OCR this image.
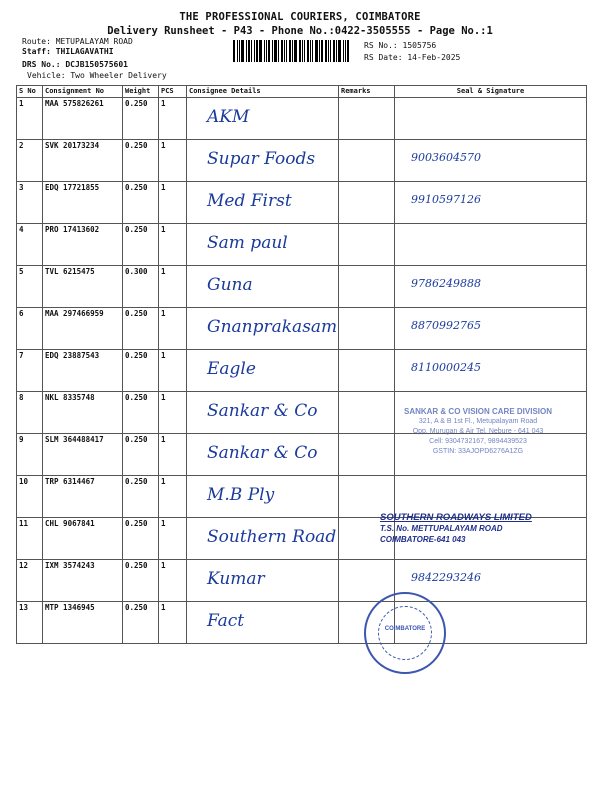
THE PROFESSIONAL COURIERS, COIMBATORE
Delivery Runsheet - P43 - Phone No.:0422-3505555 - Page No.:1
Route: METUPALAYAM ROAD
Staff: THILAGAVATHI
DRS No.: DCJB150575601
Vehicle: Two Wheeler Delivery
RS No.: 1505756
RS Date: 14-Feb-2025
S No	Consignment No	Weight	PCS	Consignee Details	Remarks	Seal & Signature
1	MAA 575826261	0.250	1	AKM		

2	SVK 20173234	0.250	1	Supar Foods		9003604570

3	EDQ 17721855	0.250	1	Med First		9910597126

4	PRO 17413602	0.250	1	Sam paul		

5	TVL 6215475	0.300	1	Guna		9786249888

6	MAA 297466959	0.250	1	Gnanprakasam		8870992765

7	EDQ 23887543	0.250	1	Eagle		8110000245

8	NKL 8335748	0.250	1	Sankar & Co		

9	SLM 364488417	0.250	1	Sankar & Co		

10	TRP 6314467	0.250	1	M.B Ply		

11	CHL 9067841	0.250	1	Southern Road		

12	IXM 3574243	0.250	1	Kumar		9842293246

13	MTP 1346945	0.250	1	Fact		

SANKAR & CO VISION CARE DIVISION
321, A & B 1st Fl., Metupalayam Road
Opp. Murugan & Air Tel, Nebure - 641 043
Cell: 9304732167, 9894439523
GSTIN: 33AJOPD6276A1ZG
SOUTHERN ROADWAYS LIMITED
T.S. No. METTUPALAYAM ROAD
COIMBATORE-641 043
COIMBATORE
